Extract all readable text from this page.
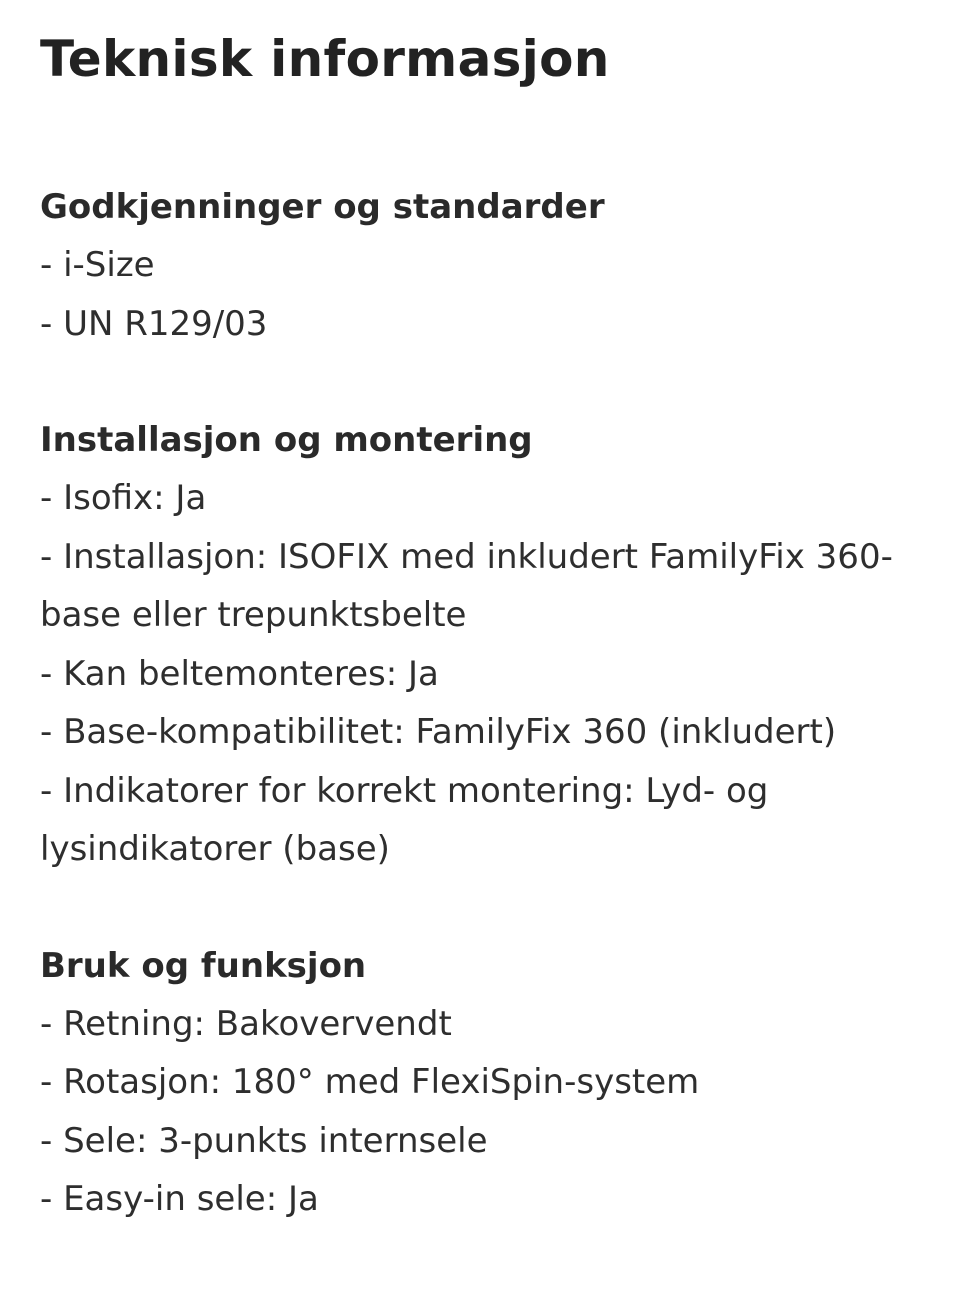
Teknisk informasjon
Godkjenninger og standarder

- i-Size

- UN R129/03

Installasjon og montering

- Isofix: Ja

- Installasjon: ISOFIX med inkludert FamilyFix 360-base eller trepunktsbelte

- Kan beltemonteres: Ja

- Base-kompatibilitet: FamilyFix 360 (inkludert)

- Indikatorer for korrekt montering: Lyd- og lysindikatorer (base)

Bruk og funksjon

- Retning: Bakovervendt

- Rotasjon: 180° med FlexiSpin-system

- Sele: 3-punkts internsele

- Easy-in sele: Ja
